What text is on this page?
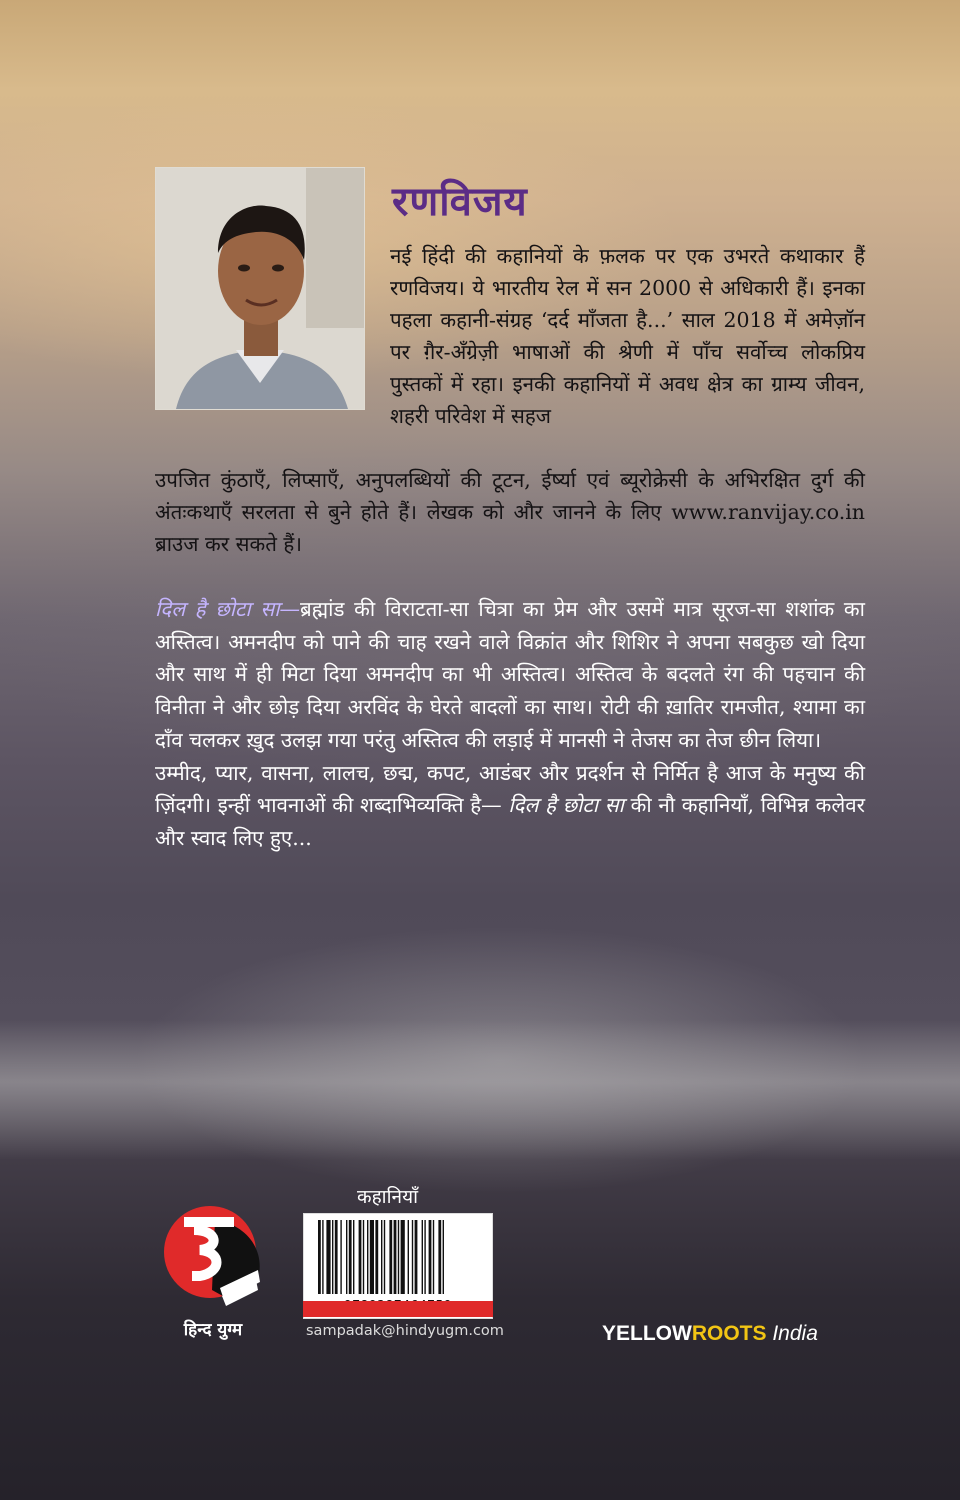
रणविजय

नई हिंदी की कहानियों के फ़लक पर एक उभरते कथाकार हैं रणविजय। ये भारतीय रेल में सन 2000 से अधिकारी हैं। इनका पहला कहानी-संग्रह ‘दर्द माँजता है...’ साल 2018 में अमेज़ॉन पर ग़ैर-अँग्रेज़ी भाषाओं की श्रेणी में पाँच सर्वोच्च लोकप्रिय पुस्तकों में रहा। इनकी कहानियों में अवध क्षेत्र का ग्राम्य जीवन, शहरी परिवेश में सहज

उपजित कुंठाएँ, लिप्साएँ, अनुपलब्धियों की टूटन, ईर्ष्या एवं ब्यूरोक्रेसी के अभिरक्षित दुर्ग की अंतःकथाएँ सरलता से बुने होते हैं। लेखक को और जानने के लिए www.ranvijay.co.in ब्राउज कर सकते हैं।

दिल है छोटा सा—ब्रह्मांड की विराटता-सा चित्रा का प्रेम और उसमें मात्र सूरज-सा शशांक का अस्तित्व। अमनदीप को पाने की चाह रखने वाले विक्रांत और शिशिर ने अपना सबकुछ खो दिया और साथ में ही मिटा दिया अमनदीप का भी अस्तित्व। अस्तित्व के बदलते रंग की पहचान की विनीता ने और छोड़ दिया अरविंद के घेरते बादलों का साथ। रोटी की ख़ातिर रामजीत, श्यामा का दाँव चलकर ख़ुद उलझ गया परंतु अस्तित्व की लड़ाई में मानसी ने तेजस का तेज छीन लिया।
उम्मीद, प्यार, वासना, लालच, छद्म, कपट, आडंबर और प्रदर्शन से निर्मित है आज के मनुष्य की ज़िंदगी। इन्हीं भावनाओं की शब्दाभिव्यक्ति है— दिल है छोटा सा की नौ कहानियाँ, विभिन्न कलेवर और स्वाद लिए हुए...

हिन्द युग्म

कहानियाँ

sampadak@hindyugm.com	YELLOWROOTS India
